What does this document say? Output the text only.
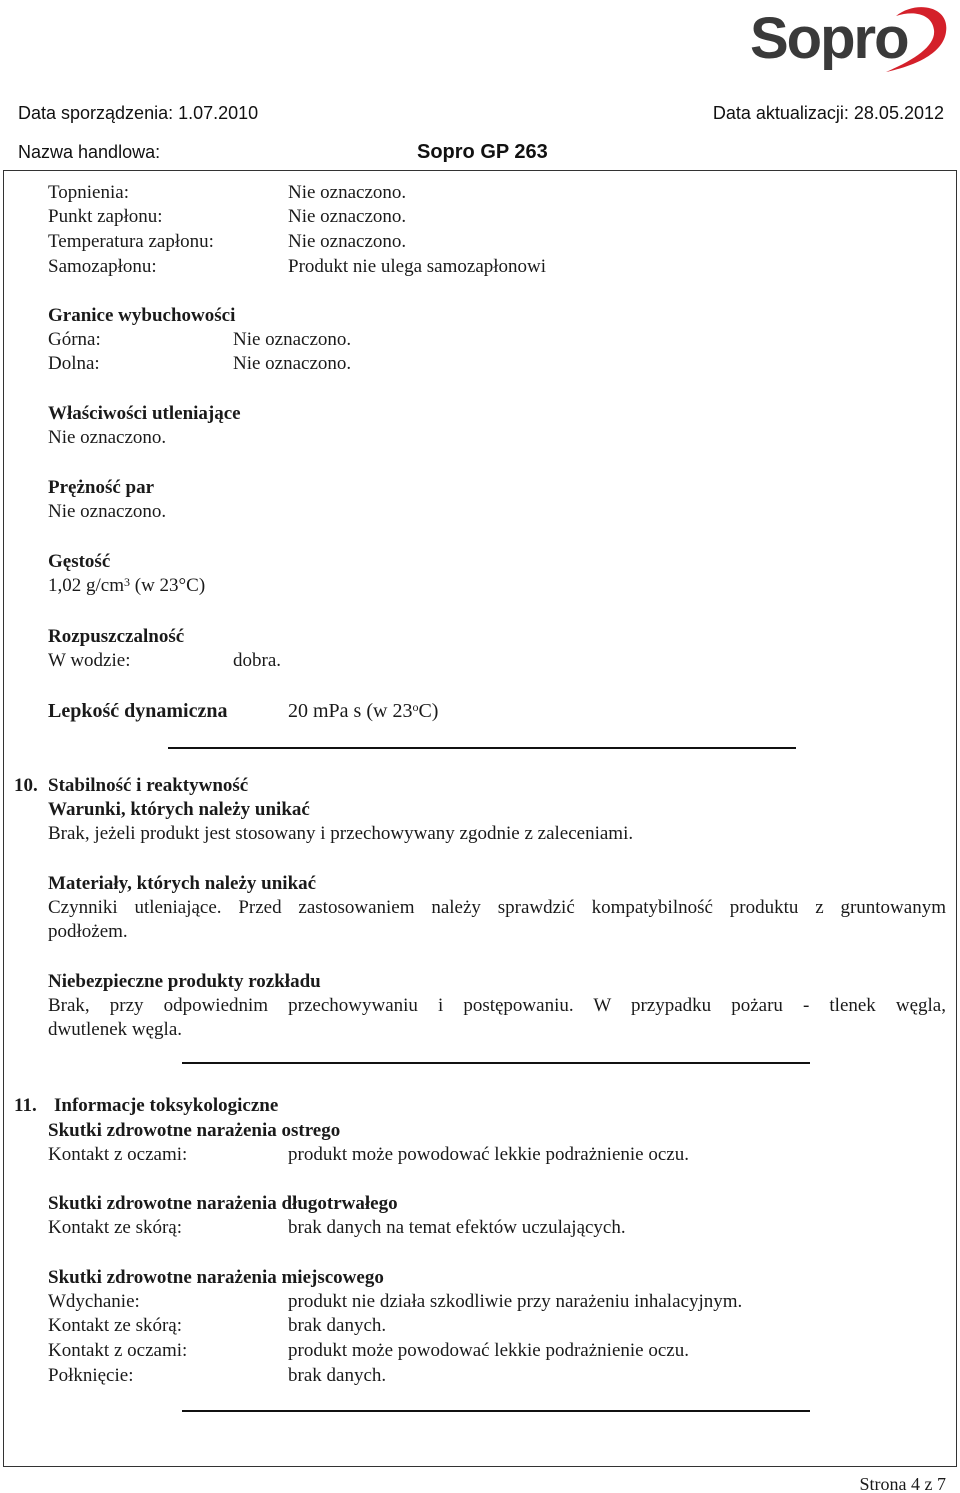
Sopro
Data sporządzenia: 1.07.2010	Data aktualizacji: 28.05.2012
Nazwa handlowa:	Sopro GP 263
Topnienia:	Nie oznaczono.
Punkt zapłonu:	Nie oznaczono.
Temperatura zapłonu:	Nie oznaczono.
Samozapłonu:	Produkt nie ulega samozapłonowi
Granice wybuchowości
Górna:	Nie oznaczono.
Dolna:	Nie oznaczono.
Właściwości utleniające
Nie oznaczono.
Prężność par
Nie oznaczono.
Gęstość
1,02 $g/cm^3$ (w 23°C)
Rozpuszczalność
W wodzie:	dobra.
Lepkość dynamiczna	20 mPa s (w 23$^o$C)
10. Stabilność i reaktywność
Warunki, których należy unikać
Brak, jeżeli produkt jest stosowany i przechowywany zgodnie z zaleceniami.
Materiały, których należy unikać
Czynniki utleniające. Przed zastosowaniem należy sprawdzić kompatybilność produktu z gruntowanym
podłożem.
Niebezpieczne produkty rozkładu
Brak, przy odpowiednim przechowywaniu i postępowaniu. W przypadku pożaru - tlenek węgla,
dwutlenek węgla.
11. Informacje toksykologiczne
Skutki zdrowotne narażenia ostrego
Kontakt z oczami:	produkt może powodować lekkie podrażnienie oczu.
Skutki zdrowotne narażenia długotrwałego
Kontakt ze skórą:	brak danych na temat efektów uczulających.
Skutki zdrowotne narażenia miejscowego
Wdychanie:	produkt nie działa szkodliwie przy narażeniu inhalacyjnym.
Kontakt ze skórą:	brak danych.
Kontakt z oczami:	produkt może powodować lekkie podrażnienie oczu.
Połknięcie:	brak danych.
Strona 4 z 7
